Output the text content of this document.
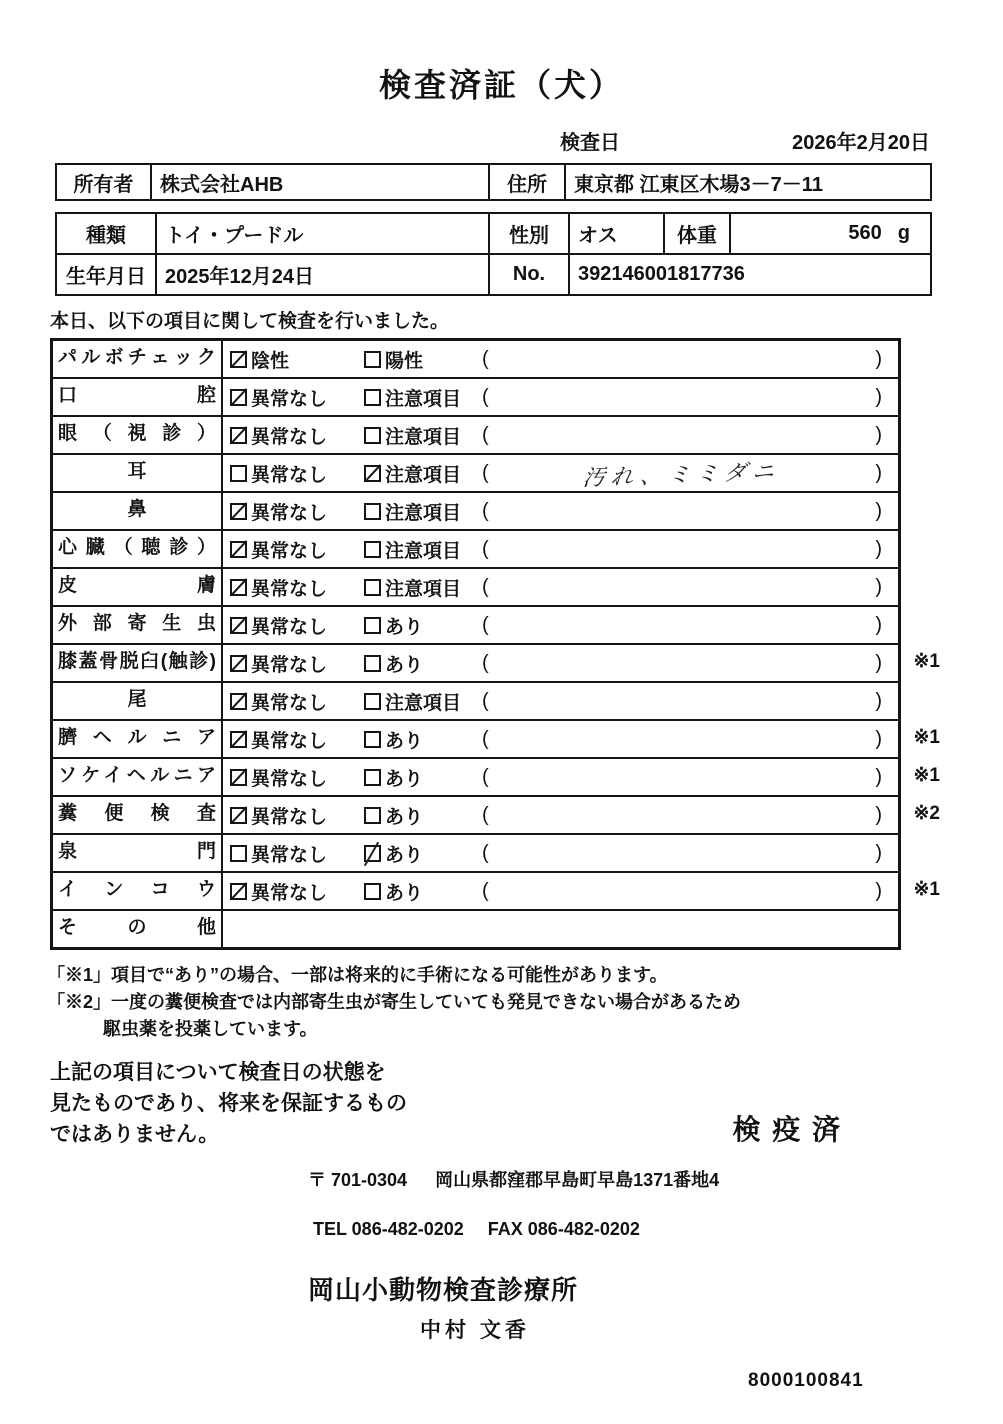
検査済証（犬）
検査日	2026年2月20日
所有者	株式会社AHB	住所	東京都 江東区木場3－7－11
種類	トイ・プードル	性別	オス	体重	560 g

生年月日	2025年12月24日	No.	392146001817736		

本日、以下の項目に関して検査を行いました。

パルボチェック	陰性	陽性	(	)
口腔	異常なし	注意項目	(	)
眼（視診）	異常なし	注意項目	(	)
耳	異常なし	注意項目	(	汚れ、ミミダニ	)
鼻	異常なし	注意項目	(	)
心臓（聴診）	異常なし	注意項目	(	)
皮膚	異常なし	注意項目	(	)
外部寄生虫	異常なし	あり	(	)
膝蓋骨脱臼(触診)	異常なし	あり	(	) ※1
尾	異常なし	注意項目	(	)
臍ヘルニア	異常なし	あり	(	) ※1
ソケイヘルニア	異常なし	あり	(	) ※1
糞便検査	異常なし	あり	(	) ※2
泉門	異常なし	あり	(	)
インコウ	異常なし	あり	(	) ※1
その他
「※1」項目で“あり”の場合、一部は将来的に手術になる可能性があります。
「※2」一度の糞便検査では内部寄生虫が寄生していても発見できない場合があるため
駆虫薬を投薬しています。
上記の項目について検査日の状態を
見たものであり、将来を保証するもの
ではありません。	検 疫 済
〒 701-0304 岡山県都窪郡早島町早島1371番地4
TEL 086-482-0202 FAX 086-482-0202
岡山小動物検査診療所
中村 文香
8000100841
